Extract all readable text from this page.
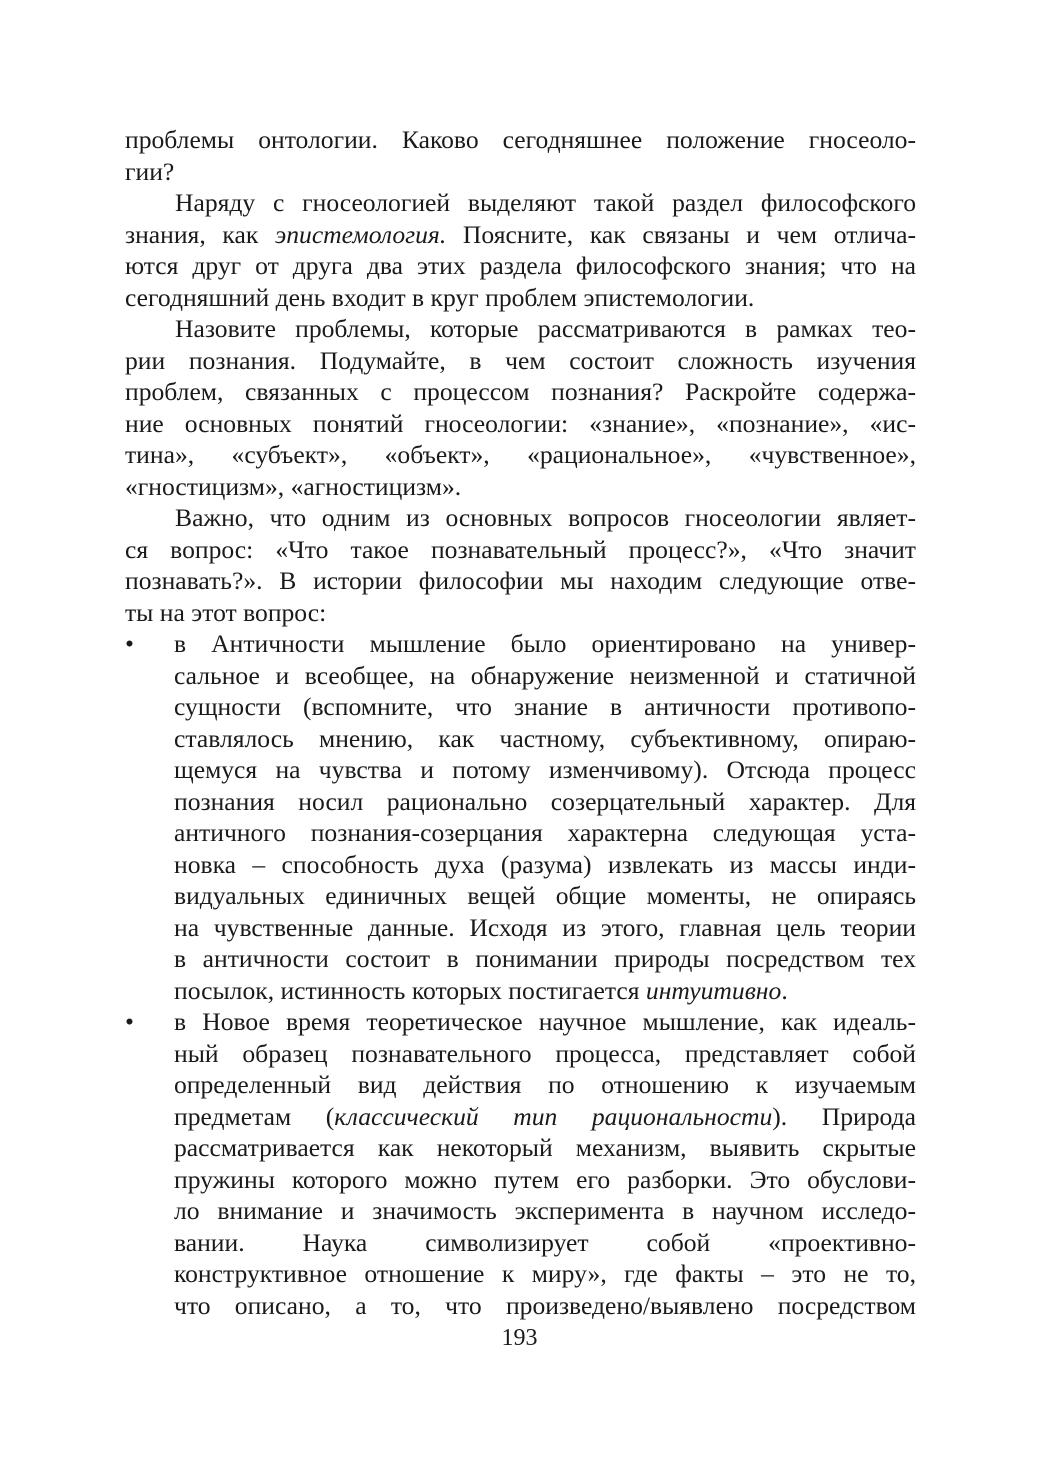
проблемы онтологии. Каково сегодняшнее положение гносеоло-
гии?
Наряду с гносеологией выделяют такой раздел философского
знания, как эпистемология. Поясните, как связаны и чем отлича-
ются друг от друга два этих раздела философского знания; что на
сегодняшний день входит в круг проблем эпистемологии.
Назовите проблемы, которые рассматриваются в рамках тео-
рии познания. Подумайте, в чем состоит сложность изучения
проблем, связанных с процессом познания? Раскройте содержа-
ние основных понятий гносеологии: «знание», «познание», «ис-
тина», «субъект», «объект», «рациональное», «чувственное»,
«гностицизм», «агностицизм».
Важно, что одним из основных вопросов гносеологии являет-
ся вопрос: «Что такое познавательный процесс?», «Что значит
познавать?». В истории философии мы находим следующие отве-
ты на этот вопрос:
•	в Античности мышление было ориентировано на универ-
сальное и всеобщее, на обнаружение неизменной и статичной
сущности (вспомните, что знание в античности противопо-
ставлялось мнению, как частному, субъективному, опираю-
щемуся на чувства и потому изменчивому). Отсюда процесс
познания носил рационально созерцательный характер. Для
античного познания-созерцания характерна следующая уста-
новка – способность духа (разума) извлекать из массы инди-
видуальных единичных вещей общие моменты, не опираясь
на чувственные данные. Исходя из этого, главная цель теории
в античности состоит в понимании природы посредством тех
посылок, истинность которых постигается интуитивно.
•	в Новое время теоретическое научное мышление, как идеаль-
ный образец познавательного процесса, представляет собой
определенный вид действия по отношению к изучаемым
предметам (классический тип рациональности). Природа
рассматривается как некоторый механизм, выявить скрытые
пружины которого можно путем его разборки. Это обуслови-
ло внимание и значимость эксперимента в научном исследо-
вании. Наука символизирует собой «проективно-
конструктивное отношение к миру», где факты – это не то,
что описано, а то, что произведено/выявлено посредством
193
